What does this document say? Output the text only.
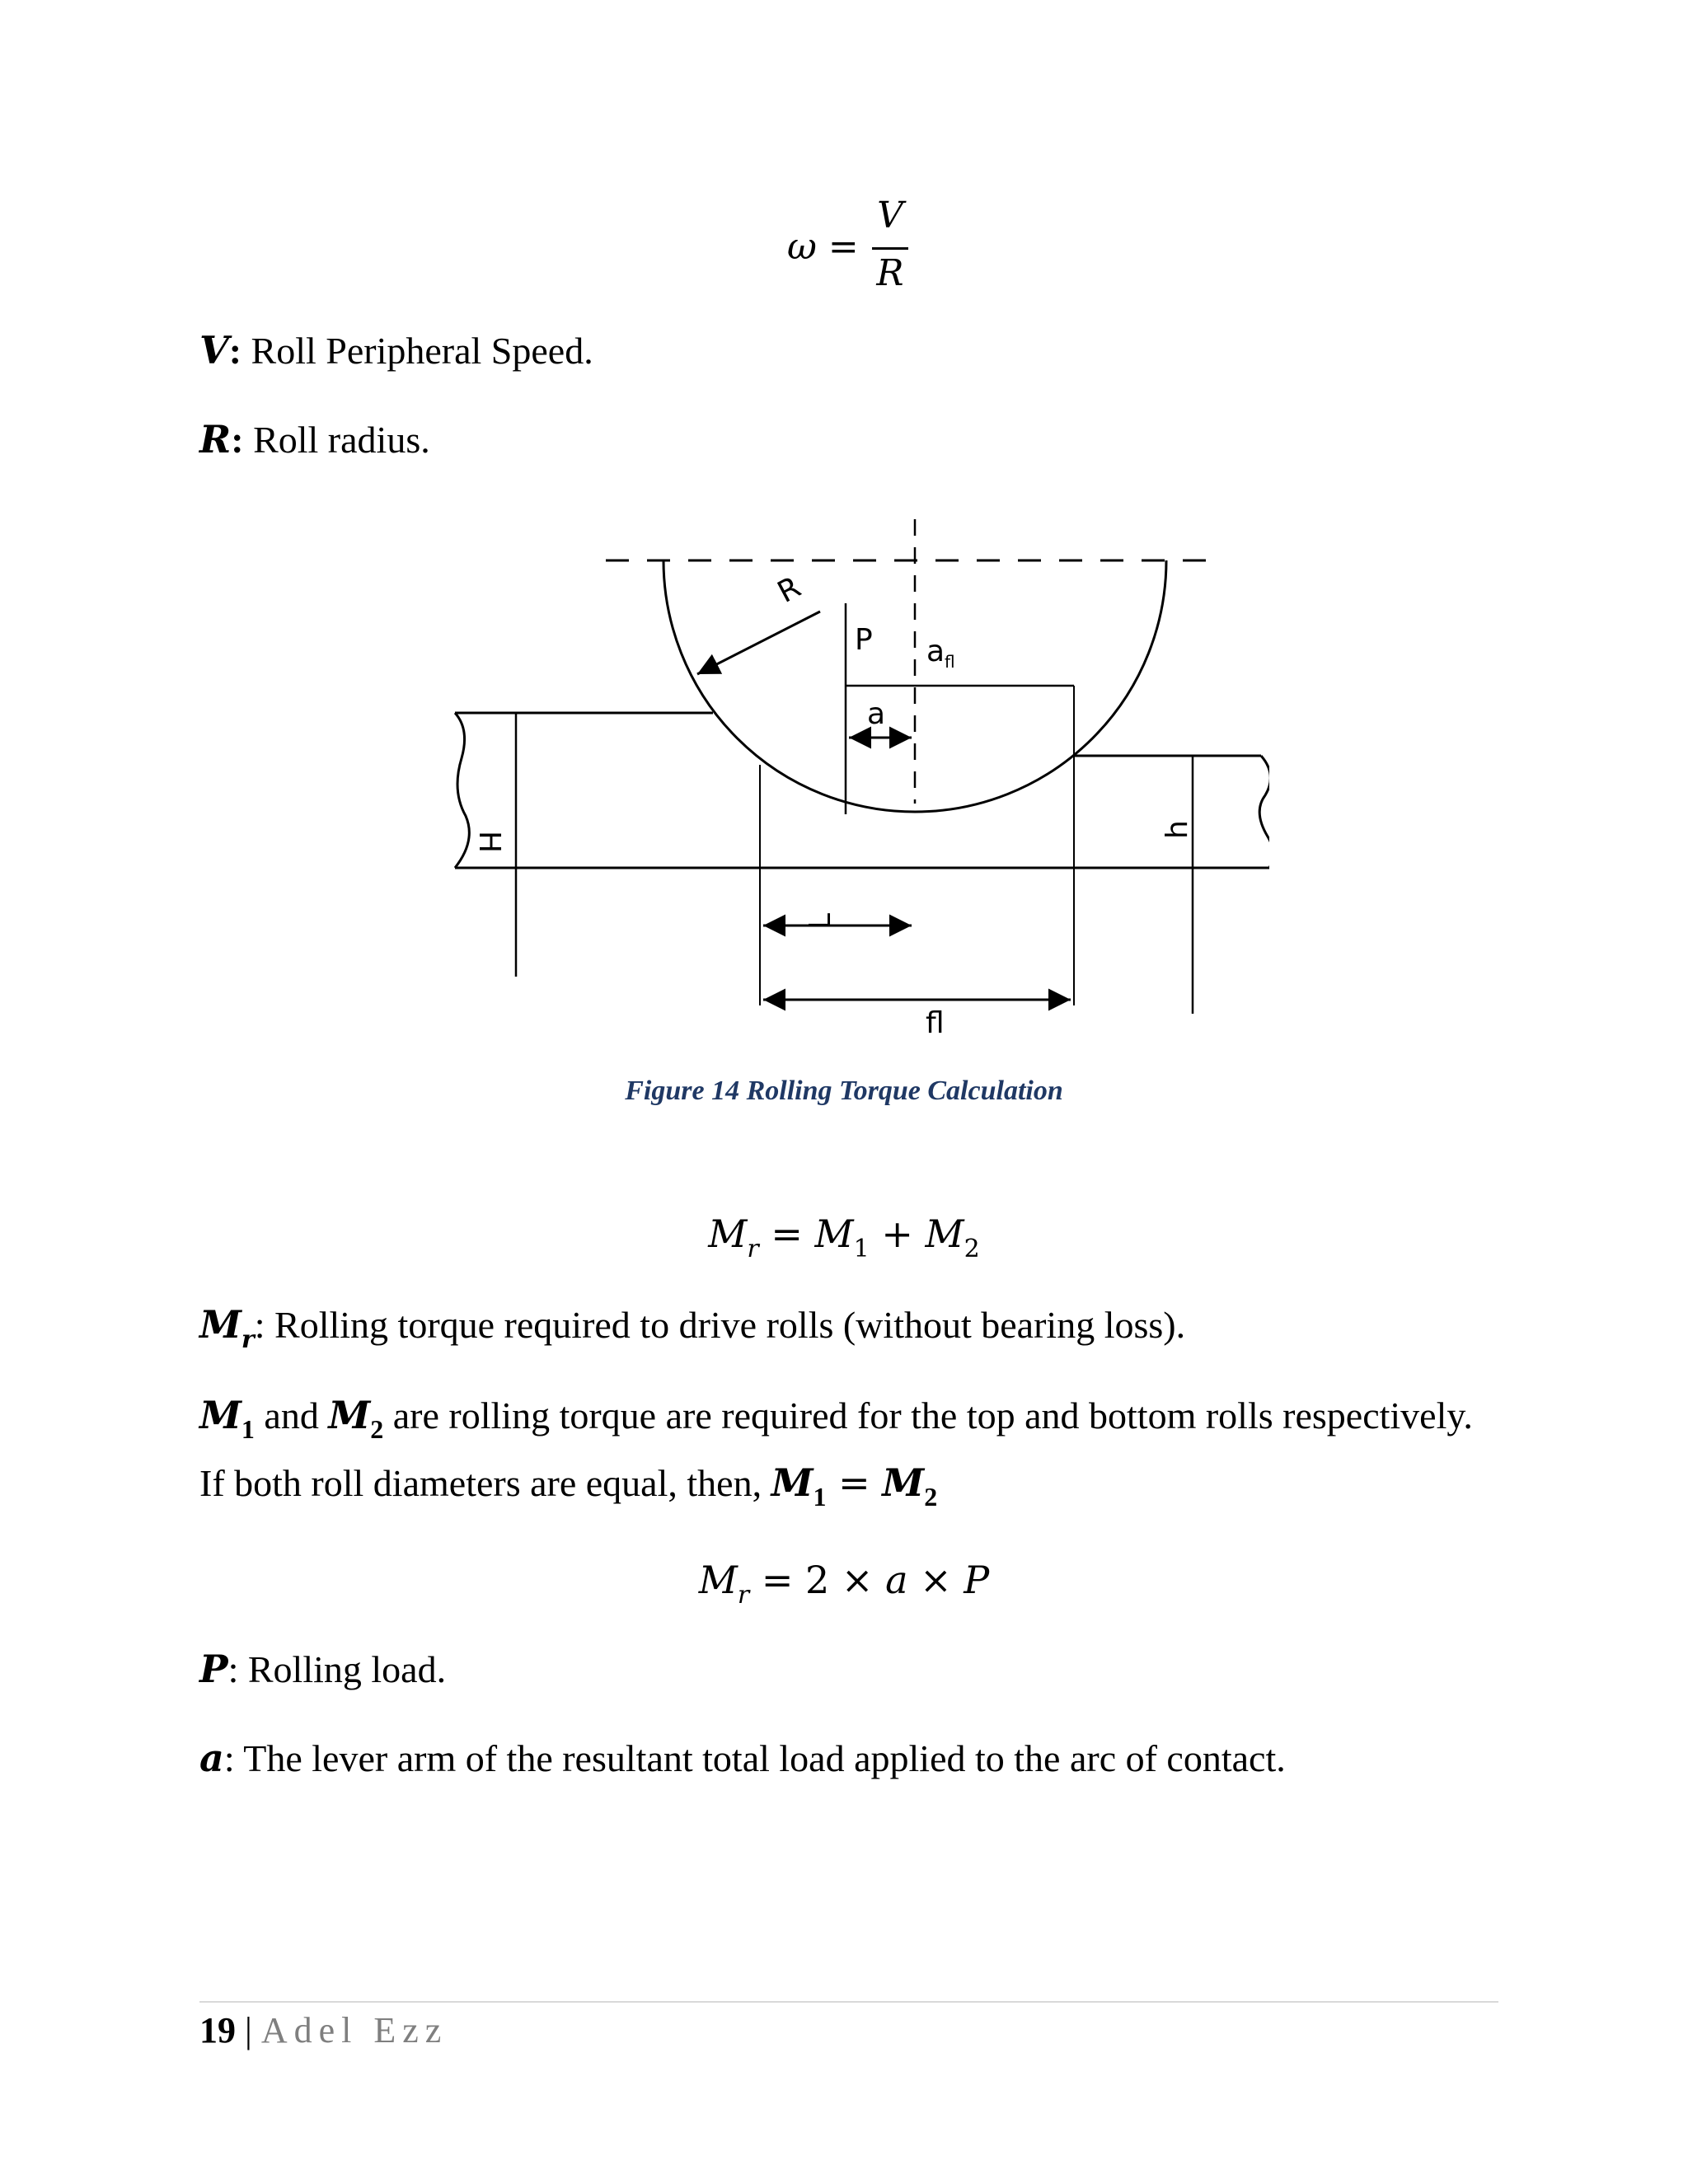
ω =
V
R
V: Roll Peripheral Speed.
R: Roll radius.
R
P a fl
a
H
h
L
fl
Figure 14 Rolling Torque Calculation
$M_r = M_1 + M_2$
$M_r$: Rolling torque required to drive rolls (without bearing loss).
$M_1$ and $M_2$ are rolling torque are required for the top and bottom rolls respectively.
If both roll diameters are equal, then, $M_1 = M_2$
$M_r = 2 \times a \times P$
P: Rolling load.
a: The lever arm of the resultant total load applied to the arc of contact.
19 | Adel Ezz
